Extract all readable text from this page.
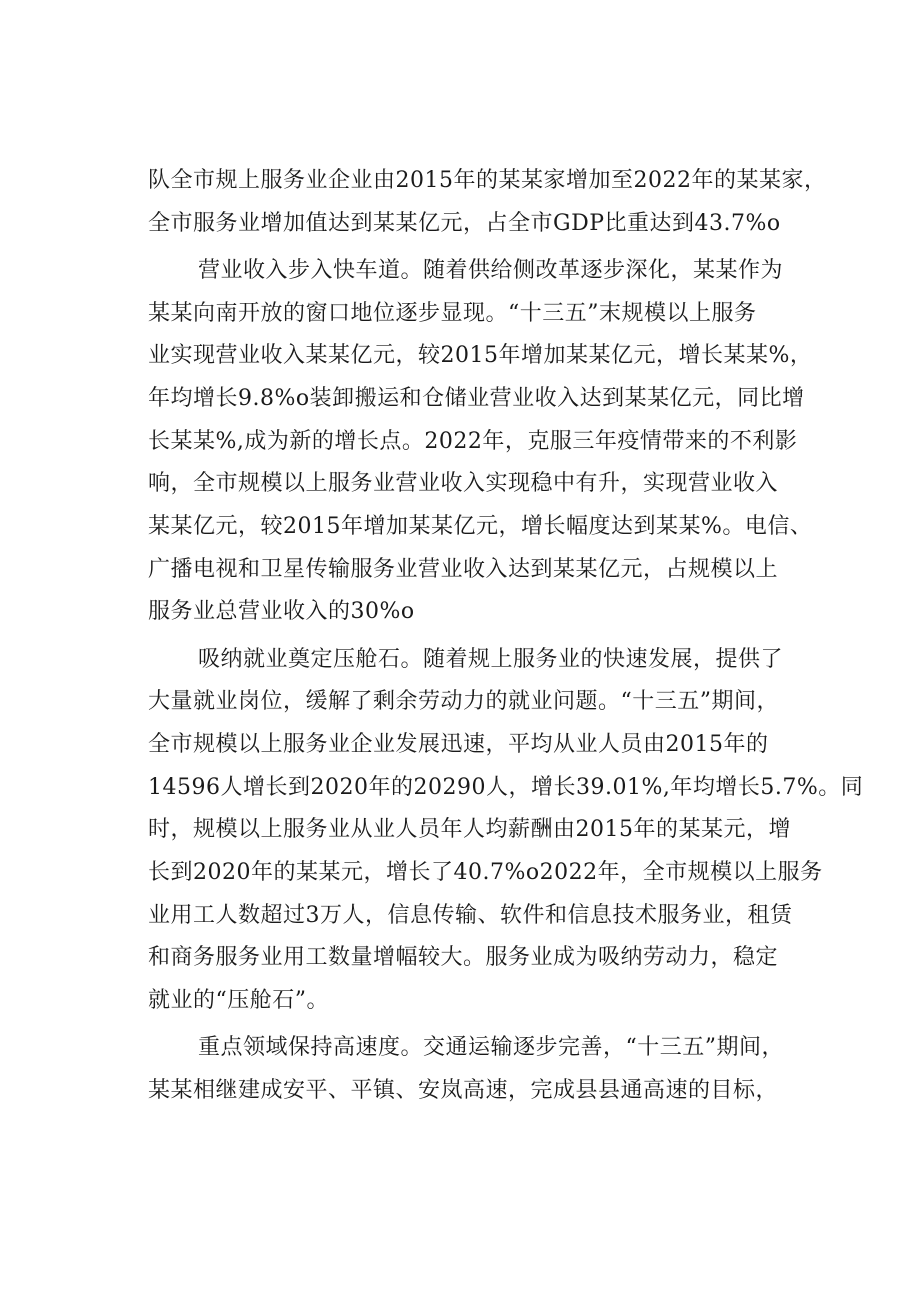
队全市规上服务业企业由2015年的某某家增加至2022年的某某家，
全市服务业增加值达到某某亿元，占全市GDP比重达到43.7%o
营业收入步入快车道。随着供给侧改革逐步深化，某某作为
某某向南开放的窗口地位逐步显现。“十三五”末规模以上服务
业实现营业收入某某亿元，较2015年增加某某亿元，增长某某%，
年均增长9.8%o装卸搬运和仓储业营业收入达到某某亿元，同比增
长某某%,成为新的增长点。2022年，克服三年疫情带来的不利影
响，全市规模以上服务业营业收入实现稳中有升，实现营业收入
某某亿元，较2015年增加某某亿元，增长幅度达到某某%。电信、
广播电视和卫星传输服务业营业收入达到某某亿元，占规模以上
服务业总营业收入的30%o
吸纳就业奠定压舱石。随着规上服务业的快速发展，提供了
大量就业岗位，缓解了剩余劳动力的就业问题。“十三五”期间，
全市规模以上服务业企业发展迅速，平均从业人员由2015年的
14596人增长到2020年的20290人，增长39.01%,年均增长5.7%。同
时，规模以上服务业从业人员年人均薪酬由2015年的某某元，增
长到2020年的某某元，增长了40.7%o2022年，全市规模以上服务
业用工人数超过3万人，信息传输、软件和信息技术服务业，租赁
和商务服务业用工数量增幅较大。服务业成为吸纳劳动力，稳定
就业的“压舱石”。
重点领域保持高速度。交通运输逐步完善，“十三五”期间，
某某相继建成安平、平镇、安岚高速，完成县县通高速的目标，
